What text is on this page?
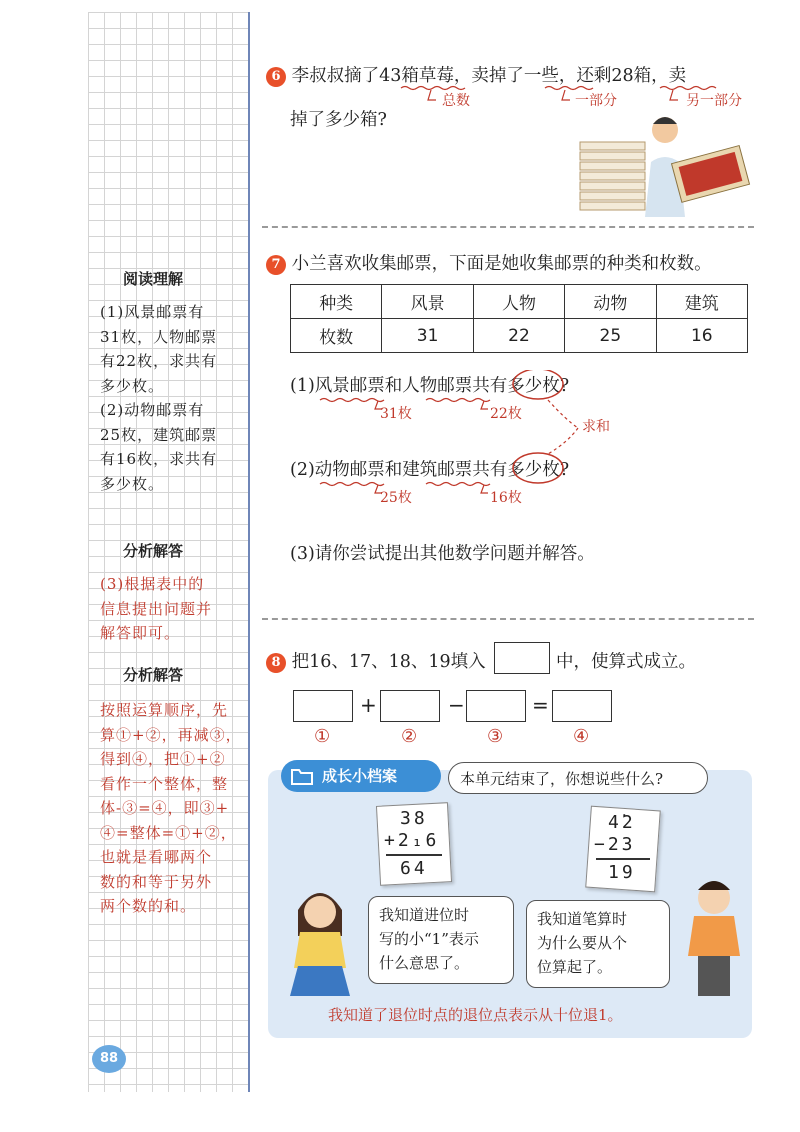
阅读理解
(1)风景邮票有
31枚，人物邮票
有22枚，求共有
多少枚。
(2)动物邮票有
25枚，建筑邮票
有16枚，求共有
多少枚。
分析解答
(3)根据表中的
信息提出问题并
解答即可。
分析解答
按照运算顺序，先
算①+②，再减③，
得到④，把①+②
看作一个整体，整
体-③=④，即③+
④=整体=①+②，
也就是看哪两个
数的和等于另外
两个数的和。
6 李叔叔摘了43箱草莓，卖掉了一些，还剩28箱，卖
掉了多少箱?
总数	一部分	另一部分
7 小兰喜欢收集邮票，下面是她收集邮票的种类和枚数。
种类	风景	人物	动物	建筑
枚数	31	22	25	16
(1)风景邮票和人物邮票共有多少枚?
31枚	22枚
求和
(2)动物邮票和建筑邮票共有多少枚?
25枚	16枚
(3)请你尝试提出其他数学问题并解答。
8 把16、17、18、19填入	中，使算式成立。
+	−	=
①	②	③	④
成长小档案	本单元结束了，你想说些什么?
38
+2₁6
64
4̇2
−23
19
我知道进位时
写的小“1”表示
什么意思了。
我知道笔算时
为什么要从个
位算起了。
我知道了退位时点的退位点表示从十位退1。
88
